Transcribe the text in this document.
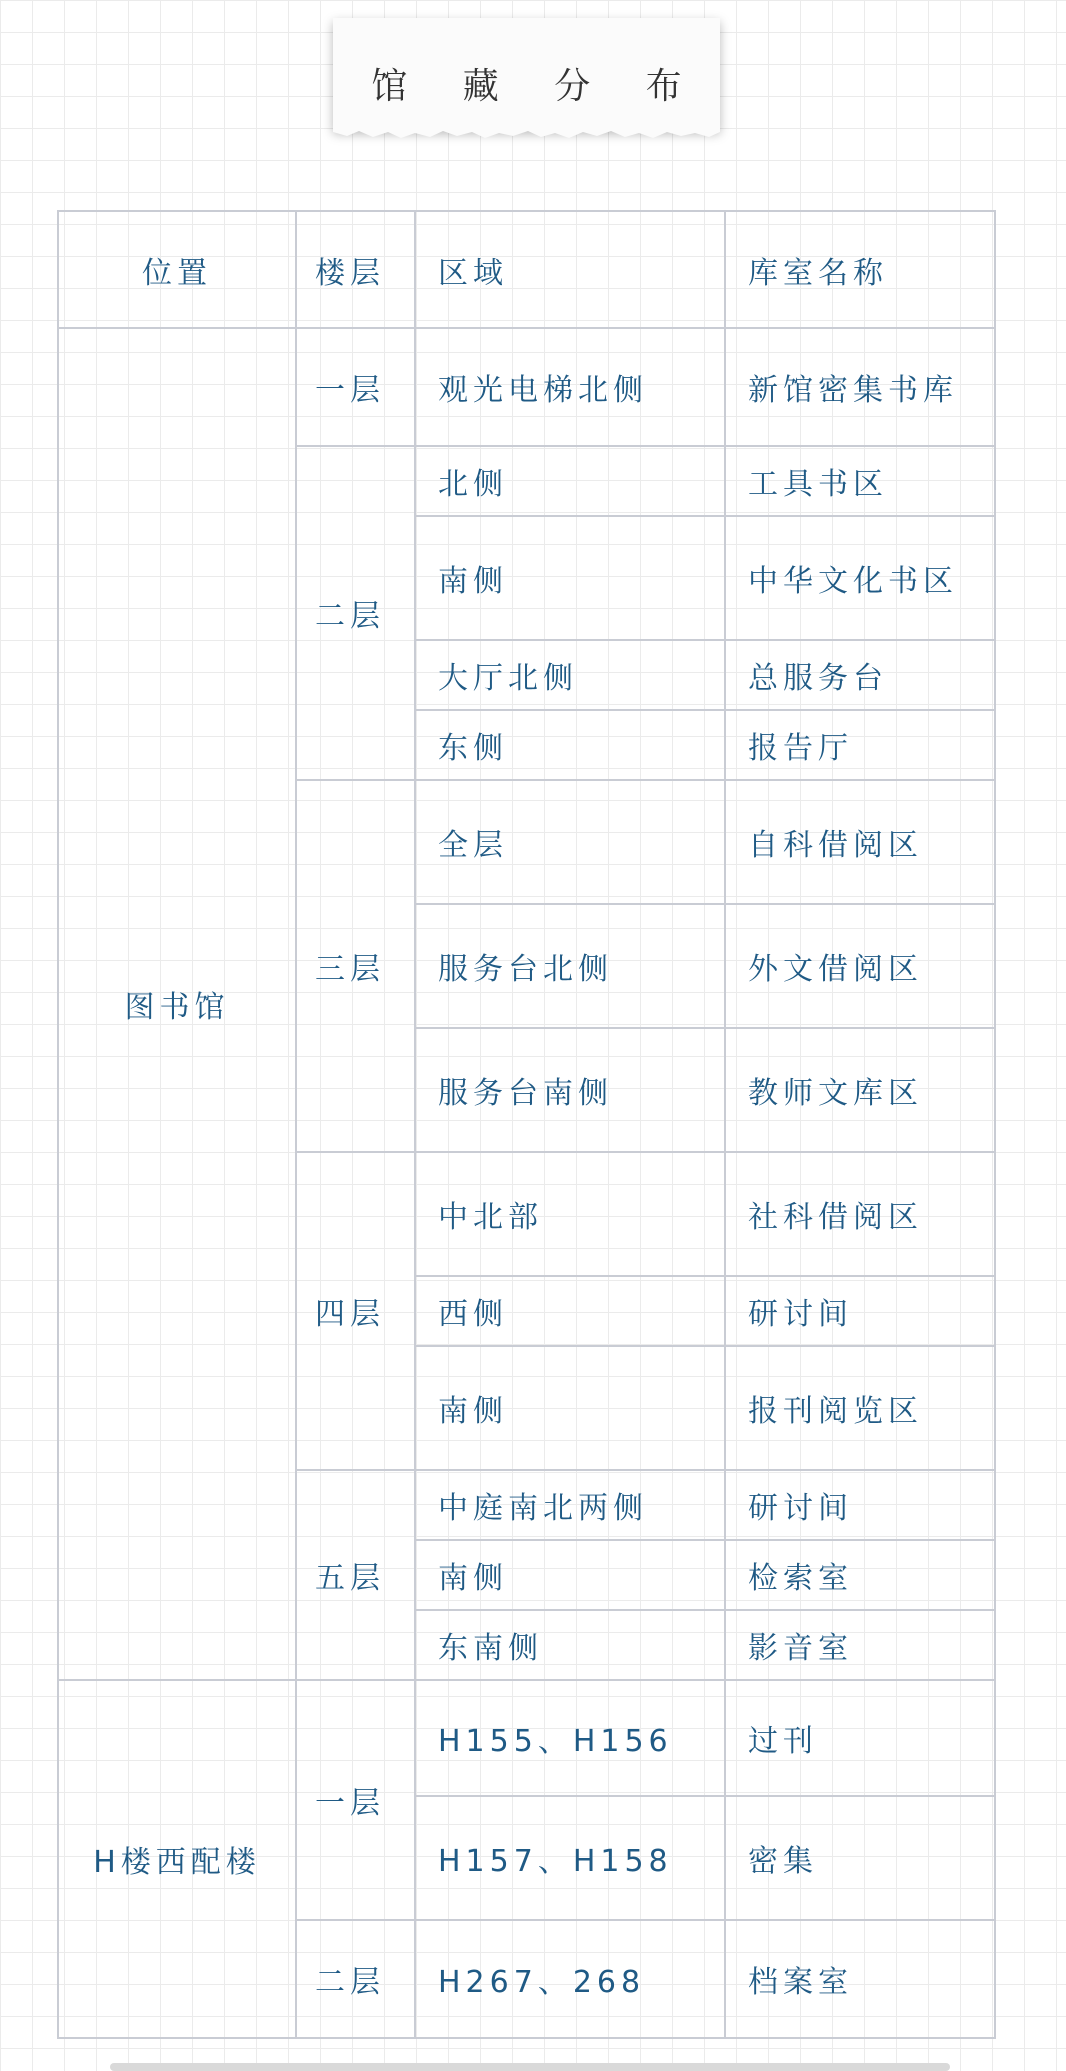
馆 藏 分 布
位置	楼层	区域	库室名称
图书馆	一层	观光电梯北侧	新馆密集书库
	二层	北侧	工具书区
		南侧	中华文化书区
		大厅北侧	总服务台
		东侧	报告厅
	三层	全层	自科借阅区
		服务台北侧	外文借阅区
		服务台南侧	教师文库区
	四层	中北部	社科借阅区
		西侧	研讨间
		南侧	报刊阅览区
	五层	中庭南北两侧	研讨间
		南侧	检索室
		东南侧	影音室
H楼西配楼	一层	H155、H156	过刊
		H157、H158	密集
	二层	H267、268	档案室
